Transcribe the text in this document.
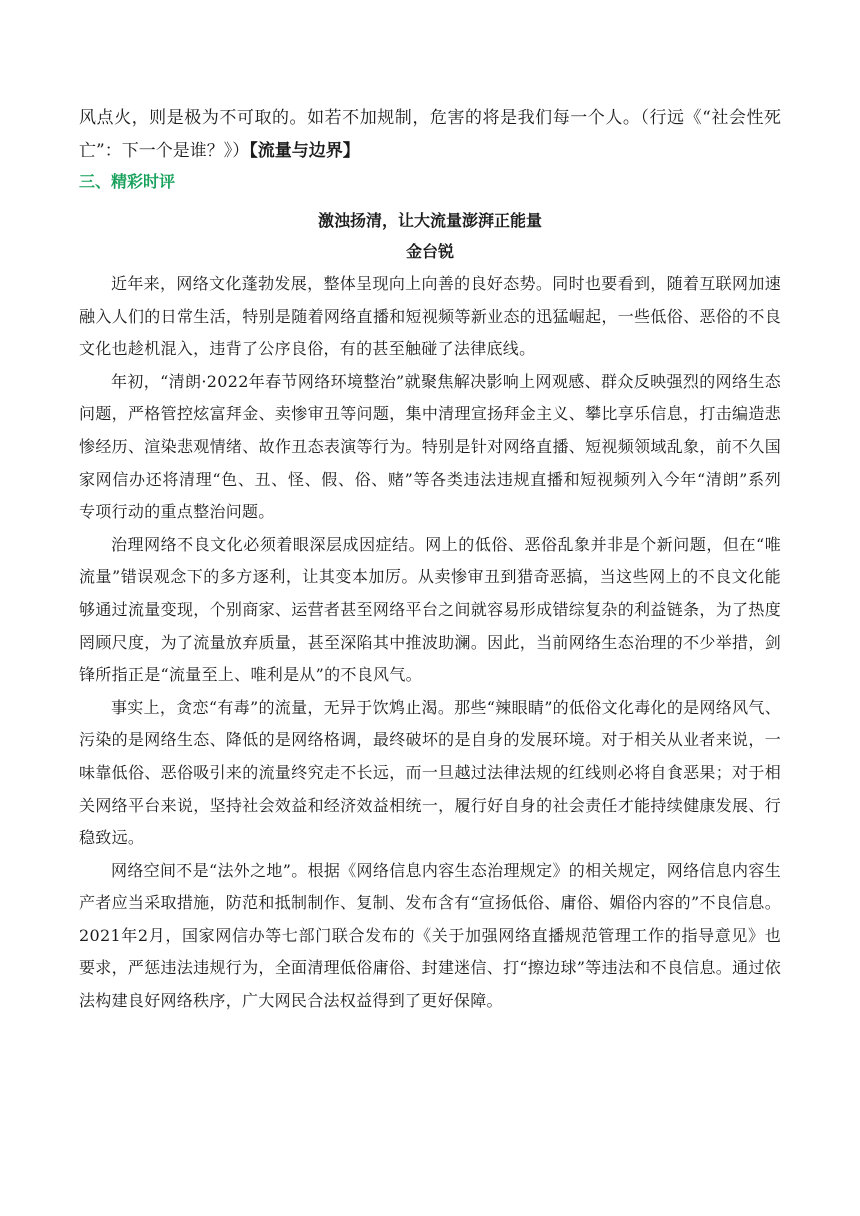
风点火，则是极为不可取的。如若不加规制，危害的将是我们每一个人。（行远《“社会性死亡”：下一个是谁？》）【流量与边界】

三、精彩时评
激浊扬清，让大流量澎湃正能量
金台锐

近年来，网络文化蓬勃发展，整体呈现向上向善的良好态势。同时也要看到，随着互联网加速融入人们的日常生活，特别是随着网络直播和短视频等新业态的迅猛崛起，一些低俗、恶俗的不良文化也趁机混入，违背了公序良俗，有的甚至触碰了法律底线。

年初，“清朗·2022年春节网络环境整治”就聚焦解决影响上网观感、群众反映强烈的网络生态问题，严格管控炫富拜金、卖惨审丑等问题，集中清理宣扬拜金主义、攀比享乐信息，打击编造悲惨经历、渲染悲观情绪、故作丑态表演等行为。特别是针对网络直播、短视频领域乱象，前不久国家网信办还将清理“色、丑、怪、假、俗、赌”等各类违法违规直播和短视频列入今年“清朗”系列专项行动的重点整治问题。

治理网络不良文化必须着眼深层成因症结。网上的低俗、恶俗乱象并非是个新问题，但在“唯流量”错误观念下的多方逐利，让其变本加厉。从卖惨审丑到猎奇恶搞，当这些网上的不良文化能够通过流量变现，个别商家、运营者甚至网络平台之间就容易形成错综复杂的利益链条，为了热度罔顾尺度，为了流量放弃质量，甚至深陷其中推波助澜。因此，当前网络生态治理的不少举措，剑锋所指正是“流量至上、唯利是从”的不良风气。

事实上，贪恋“有毒”的流量，无异于饮鸩止渴。那些“辣眼睛”的低俗文化毒化的是网络风气、污染的是网络生态、降低的是网络格调，最终破坏的是自身的发展环境。对于相关从业者来说，一味靠低俗、恶俗吸引来的流量终究走不长远，而一旦越过法律法规的红线则必将自食恶果；对于相关网络平台来说，坚持社会效益和经济效益相统一，履行好自身的社会责任才能持续健康发展、行稳致远。

网络空间不是“法外之地”。根据《网络信息内容生态治理规定》的相关规定，网络信息内容生产者应当采取措施，防范和抵制制作、复制、发布含有“宣扬低俗、庸俗、媚俗内容的”不良信息。2021年2月，国家网信办等七部门联合发布的《关于加强网络直播规范管理工作的指导意见》也要求，严惩违法违规行为，全面清理低俗庸俗、封建迷信、打“擦边球”等违法和不良信息。通过依法构建良好网络秩序，广大网民合法权益得到了更好保障。
